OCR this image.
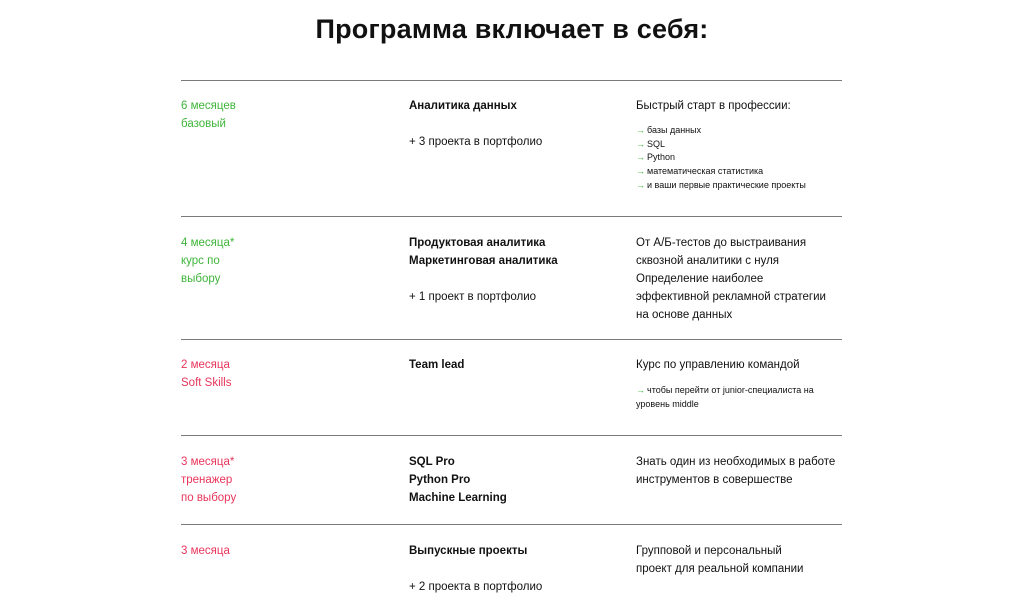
Программа включает в себя:
6 месяцев
базовый
Аналитика данных
+ 3 проекта в портфолио
Быстрый старт в профессии:
→ базы данных
→ SQL
→ Python
→ математическая статистика
→ и ваши первые практические проекты
4 месяца*
курс по
выбору
Продуктовая аналитика
Маркетинговая аналитика
+ 1 проект в портфолио
От А/Б-тестов до выстраивания
сквозной аналитики с нуля
Определение наиболее
эффективной рекламной стратегии
на основе данных
2 месяца
Soft Skills
Team lead	Курс по управлению командой
→ чтобы перейти от junior-специалиста на
уровень middle
3 месяца*
тренажер
по выбору
SQL Pro
Python Pro
Machine Learning
Знать один из необходимых в работе
инструментов в совершестве
3 месяца	Выпускные проекты
+ 2 проекта в портфолио
Групповой и персональный
проект для реальной компании
